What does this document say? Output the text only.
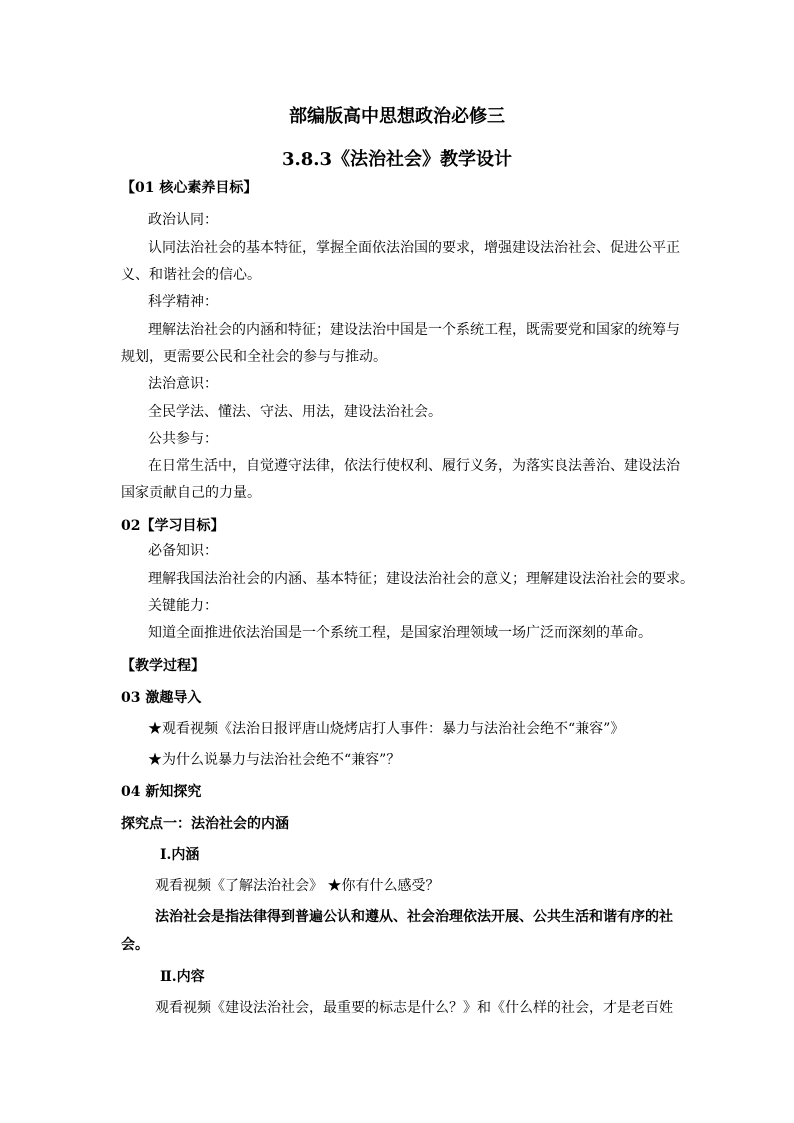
部编版高中思想政治必修三
3.8.3《法治社会》教学设计
【01 核心素养目标】
政治认同：
认同法治社会的基本特征，掌握全面依法治国的要求，增强建设法治社会、促进公平正
义、和谐社会的信心。
科学精神：
理解法治社会的内涵和特征；建设法治中国是一个系统工程，既需要党和国家的统筹与
规划，更需要公民和全社会的参与与推动。
法治意识：
全民学法、懂法、守法、用法，建设法治社会。
公共参与：
在日常生活中，自觉遵守法律，依法行使权利、履行义务，为落实良法善治、建设法治
国家贡献自己的力量。
02【学习目标】
必备知识：
理解我国法治社会的内涵、基本特征；建设法治社会的意义；理解建设法治社会的要求。
关键能力：
知道全面推进依法治国是一个系统工程，是国家治理领域一场广泛而深刻的革命。
【教学过程】
03 激趣导入
★观看视频《法治日报评唐山烧烤店打人事件：暴力与法治社会绝不“兼容”》
★为什么说暴力与法治社会绝不“兼容”？
04 新知探究
探究点一：法治社会的内涵
Ⅰ.内涵
观看视频《了解法治社会》 ★你有什么感受？
法治社会是指法律得到普遍公认和遵从、社会治理依法开展、公共生活和谐有序的社
会。
Ⅱ.内容
观看视频《建设法治社会，最重要的标志是什么？》和《什么样的社会，才是老百姓
